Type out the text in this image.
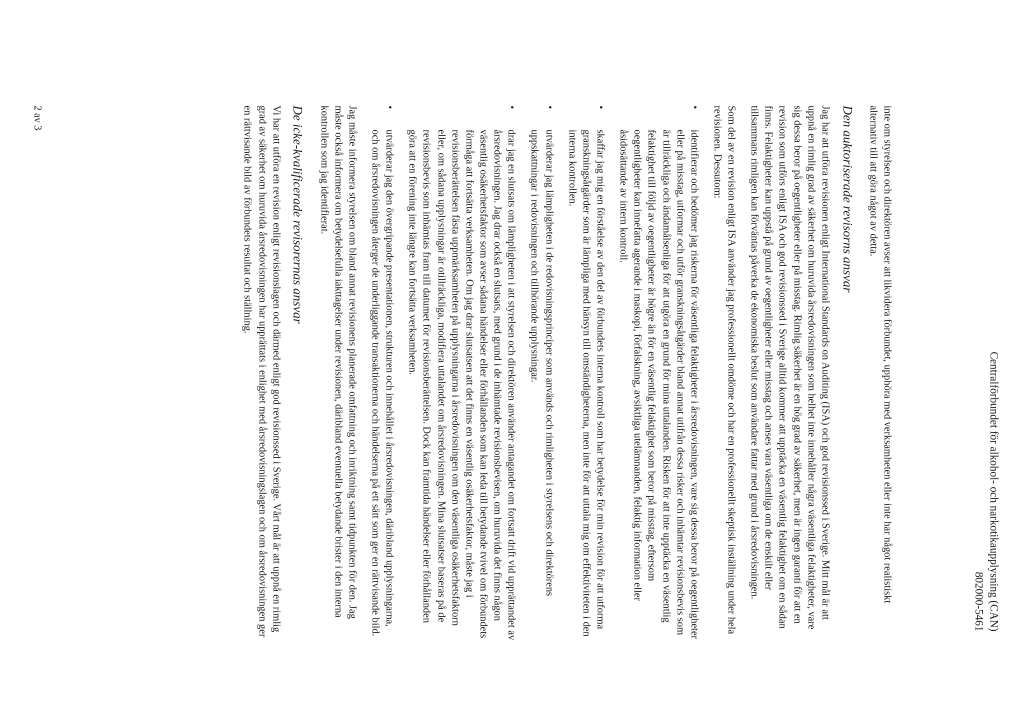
Centralförbundet för alkohol- och narkotikaupplysning (CAN)
802000-5461

inte om styrelsen och direktören avser att likvidera förbundet, upphöra med verksamheten eller inte har något realistiskt alternativ till att göra något av detta.

Den auktoriserade revisorns ansvar

Jag har att utföra revisionen enligt International Standards on Auditing (ISA) och god revisionssed i Sverige. Mitt mål är att uppnå en rimlig grad av säkerhet om huruvida årsredovisningen som helhet inte innehåller några väsentliga felaktigheter, vare sig dessa beror på oegentligheter eller på misstag. Rimlig säkerhet är en hög grad av säkerhet, men är ingen garanti för att en revision som utförs enligt ISA och god revisionssed i Sverige alltid kommer att upptäcka en väsentlig felaktighet om en sådan finns. Felaktigheter kan uppstå på grund av oegentligheter eller misstag och anses vara väsentliga om de enskilt eller tillsammans rimligen kan förväntas påverka de ekonomiska beslut som användare fattar med grund i årsredovisningen.

Som del av en revision enligt ISA använder jag professionellt omdöme och har en professionellt skeptisk inställning under hela revisionen. Dessutom:

•
identifierar och bedömer jag riskerna för väsentliga felaktigheter i årsredovisningen, vare sig dessa beror på oegentligheter eller på misstag, utformar och utför granskningsåtgärder bland annat utifrån dessa risker och inhämtar revisionsbevis som är tillräckliga och ändamålsenliga för att utgöra en grund för mina uttalanden. Risken för att inte upptäcka en väsentlig felaktighet till följd av oegentligheter är högre än för en väsentlig felaktighet som beror på misstag, eftersom oegentligheter kan innefatta agerande i maskopi, förfalskning, avsiktliga utelämnanden, felaktig information eller åsidosättande av intern kontroll.
•
skaffar jag mig en förståelse av den del av förbundets interna kontroll som har betydelse för min revision för att utforma granskningsåtgärder som är lämpliga med hänsyn till omständigheterna, men inte för att uttala mig om effektiviteten i den interna kontrollen.
•
utvärderar jag lämpligheten i de redovisningsprinciper som används och rimligheten i styrelsens och direktörens uppskattningar i redovisningen och tillhörande upplysningar.
•
drar jag en slutsats om lämpligheten i att styrelsen och direktören använder antagandet om fortsatt drift vid upprättandet av årsredovisningen. Jag drar också en slutsats, med grund i de inhämtade revisionsbevisen, om huruvida det finns någon väsentlig osäkerhetsfaktor som avser sådana händelser eller förhållanden som kan leda till betydande tvivel om förbundets förmåga att fortsätta verksamheten. Om jag drar slutsatsen att det finns en väsentlig osäkerhetsfaktor, måste jag i revisionsberättelsen fästa uppmärksamheten på upplysningarna i årsredovisningen om den väsentliga osäkerhetsfaktorn eller, om sådana upplysningar är otillräckliga, modifiera uttalandet om årsredovisningen. Mina slutsatser baseras på de revisionsbevis som inhämtas fram till datumet för revisionsberättelsen. Dock kan framtida händelser eller förhållanden göra att en förening inte längre kan fortsätta verksamheten.
•
utvärderar jag den övergripande presentationen, strukturen och innehållet i årsredovisningen, däribland upplysningarna, och om årsredovisningen återger de underliggande transaktionerna och händelserna på ett sätt som ger en rättvisande bild.

Jag måste informera styrelsen om bland annat revisionens planerade omfattning och inriktning samt tidpunkten för den. Jag måste också informera om betydelsefulla iakttagelser under revisionen, däribland eventuella betydande brister i den interna kontrollen som jag identifierat.

De icke-kvalificerade revisorernas ansvar

Vi har att utföra en revision enligt revisionslagen och därmed enligt god revisionssed i Sverige. Vårt mål är att uppnå en rimlig grad av säkerhet om huruvida årsredovisningen har upprättats i enlighet med årsredovisningslagen och om årsredovisningen ger en rättvisande bild av förbundets resultat och ställning.

2 av 3
